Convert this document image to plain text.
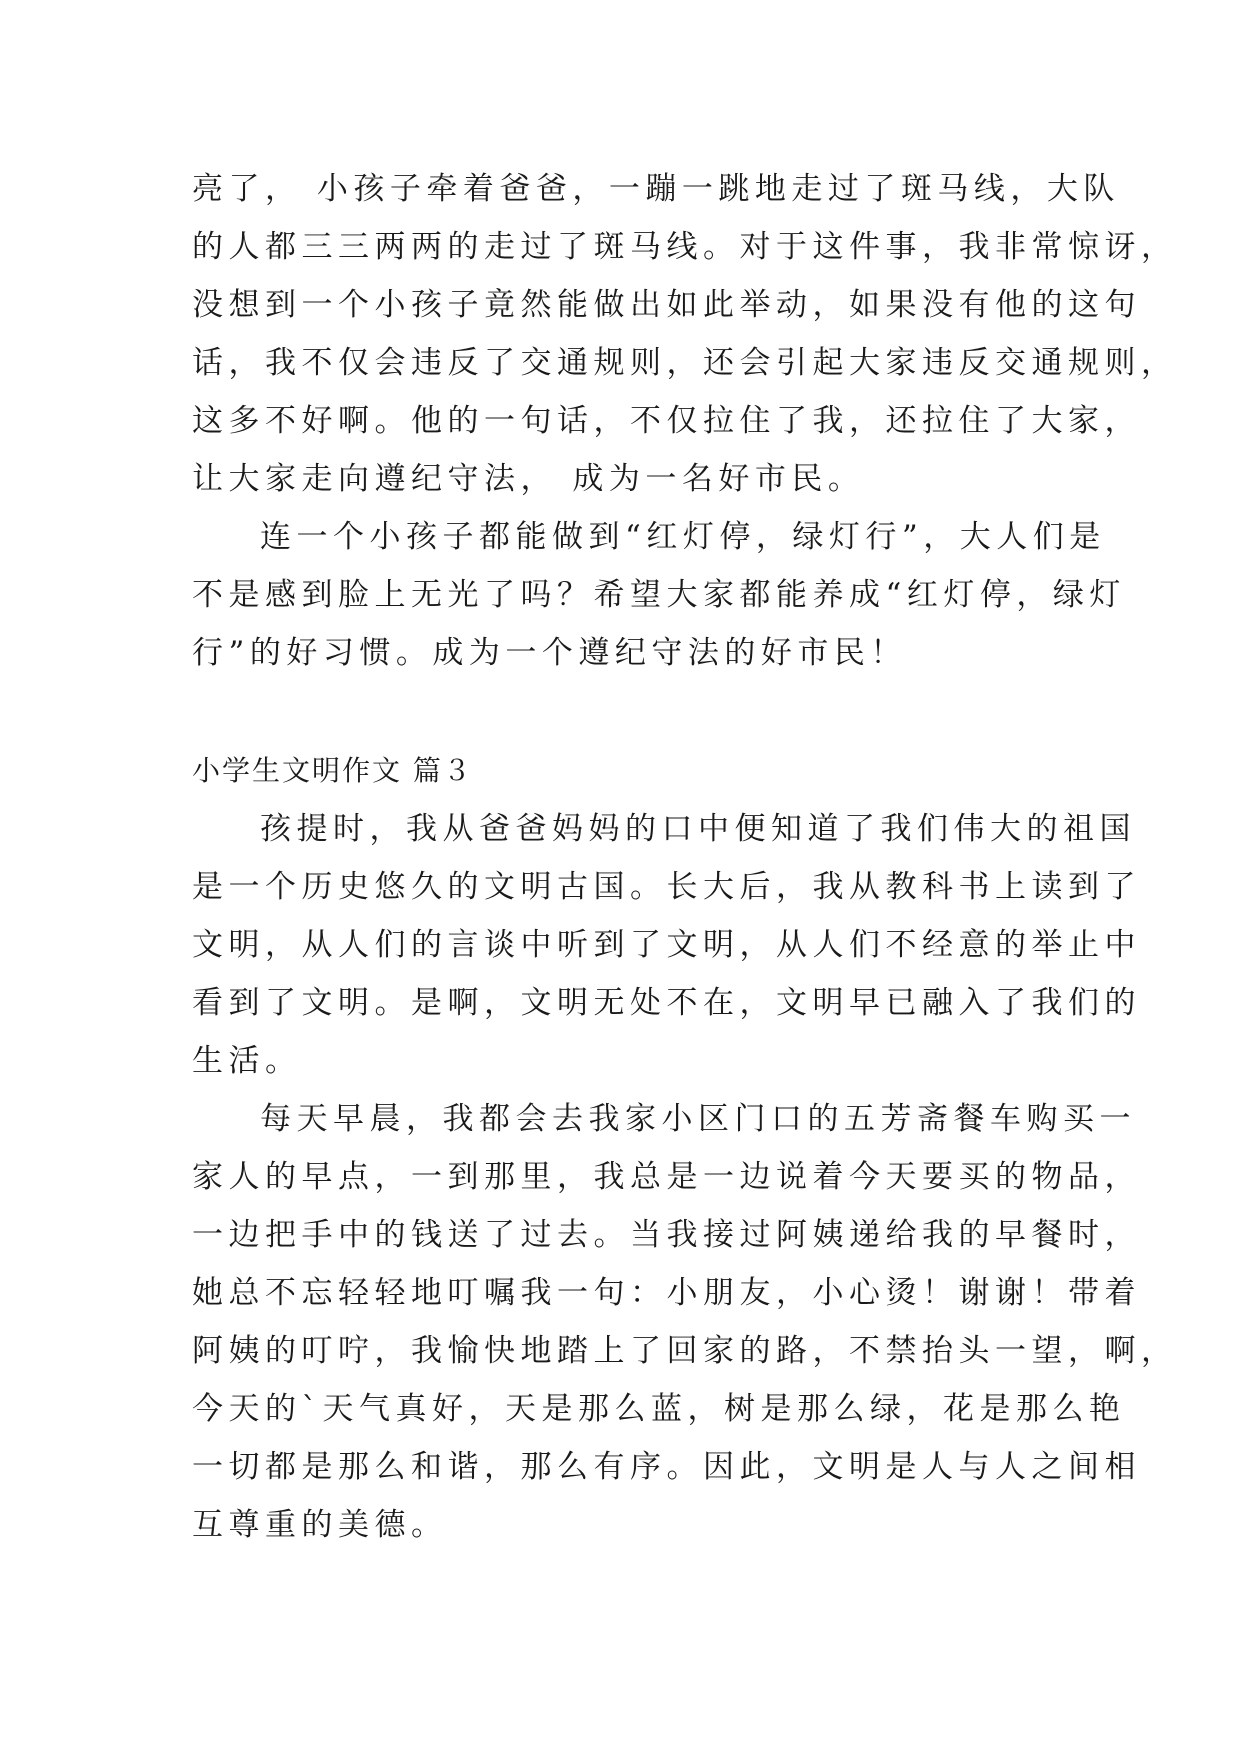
亮了， 小孩子牵着爸爸，一蹦一跳地走过了斑马线，大队
的人都三三两两的走过了斑马线。对于这件事，我非常惊讶，
没想到一个小孩子竟然能做出如此举动，如果没有他的这句
话，我不仅会违反了交通规则，还会引起大家违反交通规则，
这多不好啊。他的一句话，不仅拉住了我，还拉住了大家，
让大家走向遵纪守法， 成为一名好市民。
连一个小孩子都能做到“红灯停，绿灯行”，大人们是
不是感到脸上无光了吗？希望大家都能养成“红灯停，绿灯
行”的好习惯。成为一个遵纪守法的好市民！
小学生文明作文 篇３
孩提时，我从爸爸妈妈的口中便知道了我们伟大的祖国
是一个历史悠久的文明古国。长大后，我从教科书上读到了
文明，从人们的言谈中听到了文明，从人们不经意的举止中
看到了文明。是啊，文明无处不在，文明早已融入了我们的
生活。
每天早晨，我都会去我家小区门口的五芳斋餐车购买一
家人的早点，一到那里，我总是一边说着今天要买的物品，
一边把手中的钱送了过去。当我接过阿姨递给我的早餐时，
她总不忘轻轻地叮嘱我一句：小朋友，小心烫！谢谢！带着
阿姨的叮咛，我愉快地踏上了回家的路，不禁抬头一望，啊，
今天的`天气真好，天是那么蓝，树是那么绿，花是那么艳
一切都是那么和谐，那么有序。因此，文明是人与人之间相
互尊重的美德。
